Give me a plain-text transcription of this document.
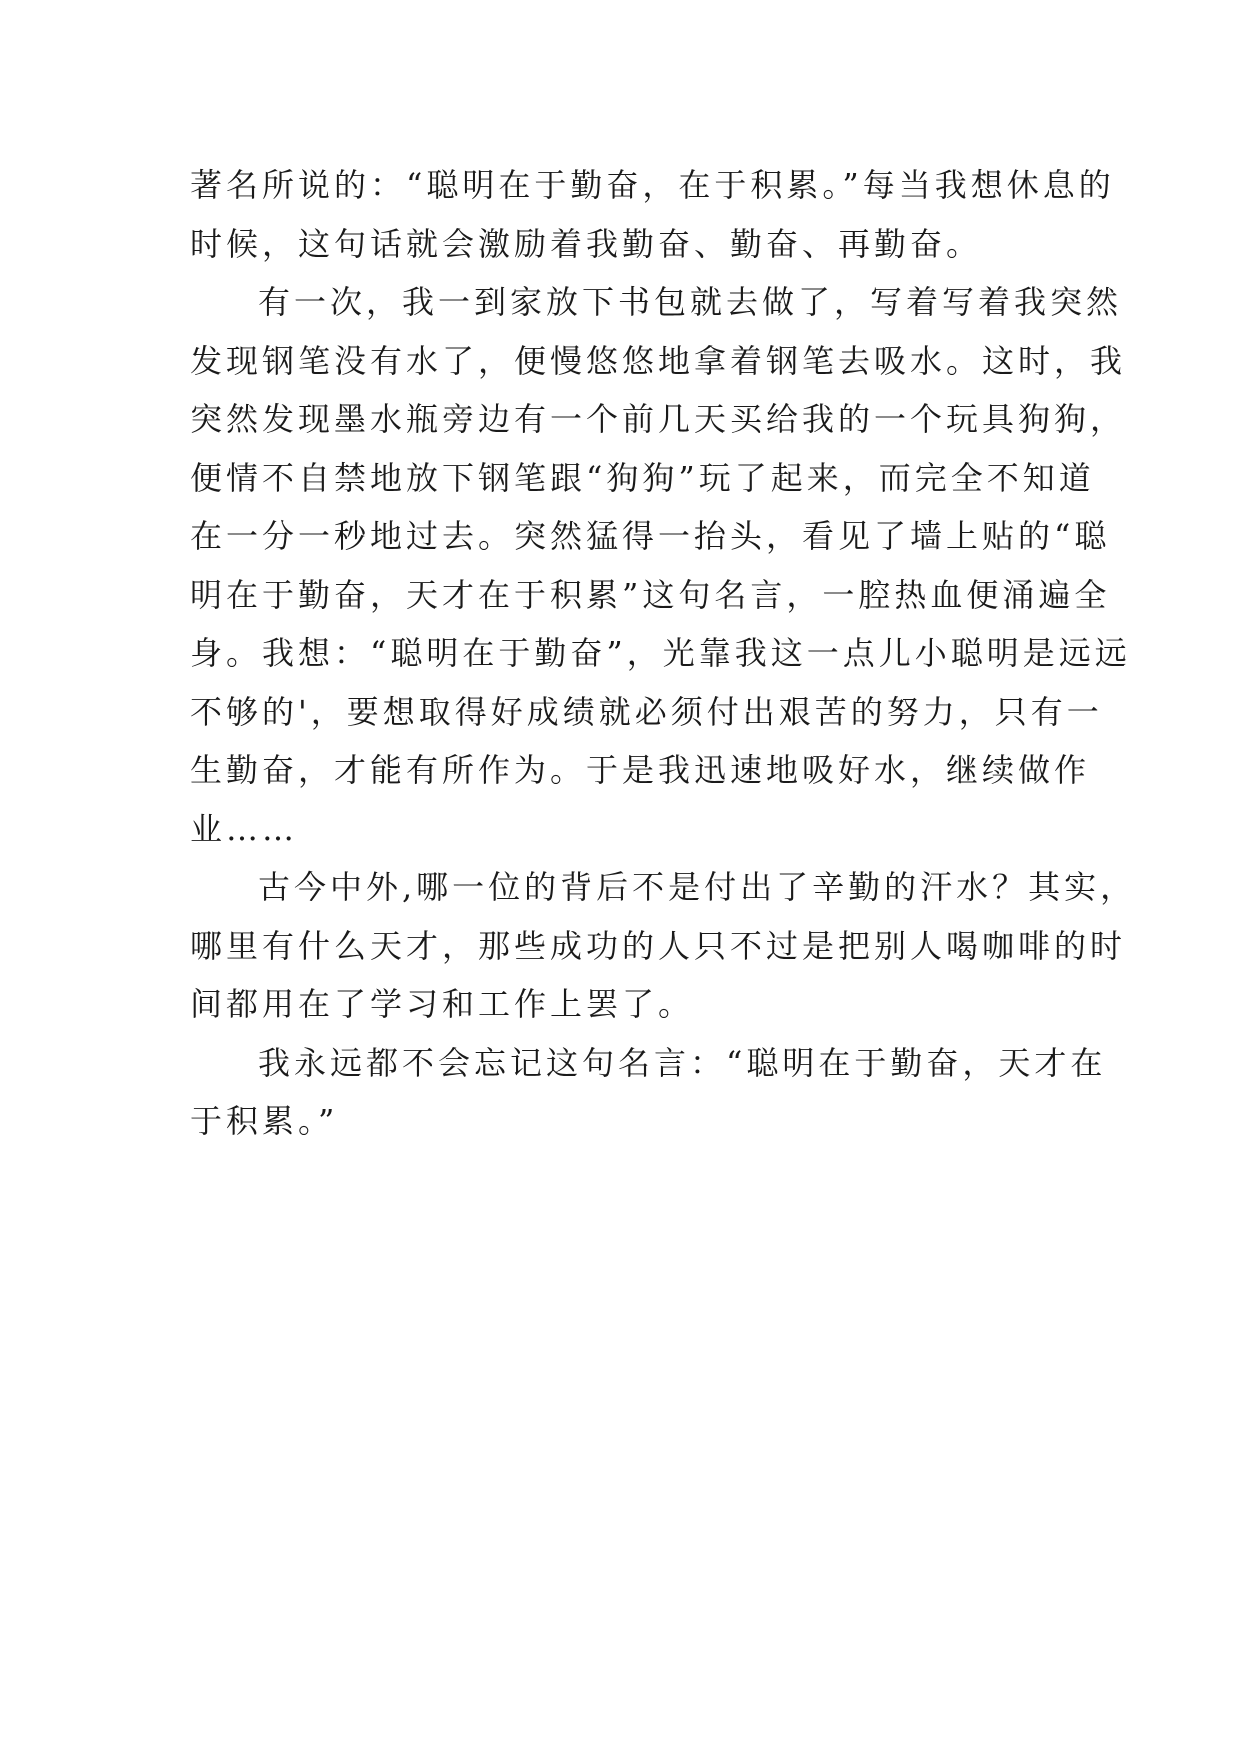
著名所说的：“聪明在于勤奋，在于积累。”每当我想休息的
时候，这句话就会激励着我勤奋、勤奋、再勤奋。
有一次，我一到家放下书包就去做了，写着写着我突然
发现钢笔没有水了，便慢悠悠地拿着钢笔去吸水。这时，我
突然发现墨水瓶旁边有一个前几天买给我的一个玩具狗狗，
便情不自禁地放下钢笔跟“狗狗”玩了起来，而完全不知道
在一分一秒地过去。突然猛得一抬头，看见了墙上贴的“聪
明在于勤奋，天才在于积累”这句名言，一腔热血便涌遍全
身。我想：“聪明在于勤奋”，光靠我这一点儿小聪明是远远
不够的'，要想取得好成绩就必须付出艰苦的努力，只有一
生勤奋，才能有所作为。于是我迅速地吸好水，继续做作
业……
古今中外,哪一位的背后不是付出了辛勤的汗水？其实，
哪里有什么天才，那些成功的人只不过是把别人喝咖啡的时
间都用在了学习和工作上罢了。
我永远都不会忘记这句名言：“聪明在于勤奋，天才在
于积累。”
